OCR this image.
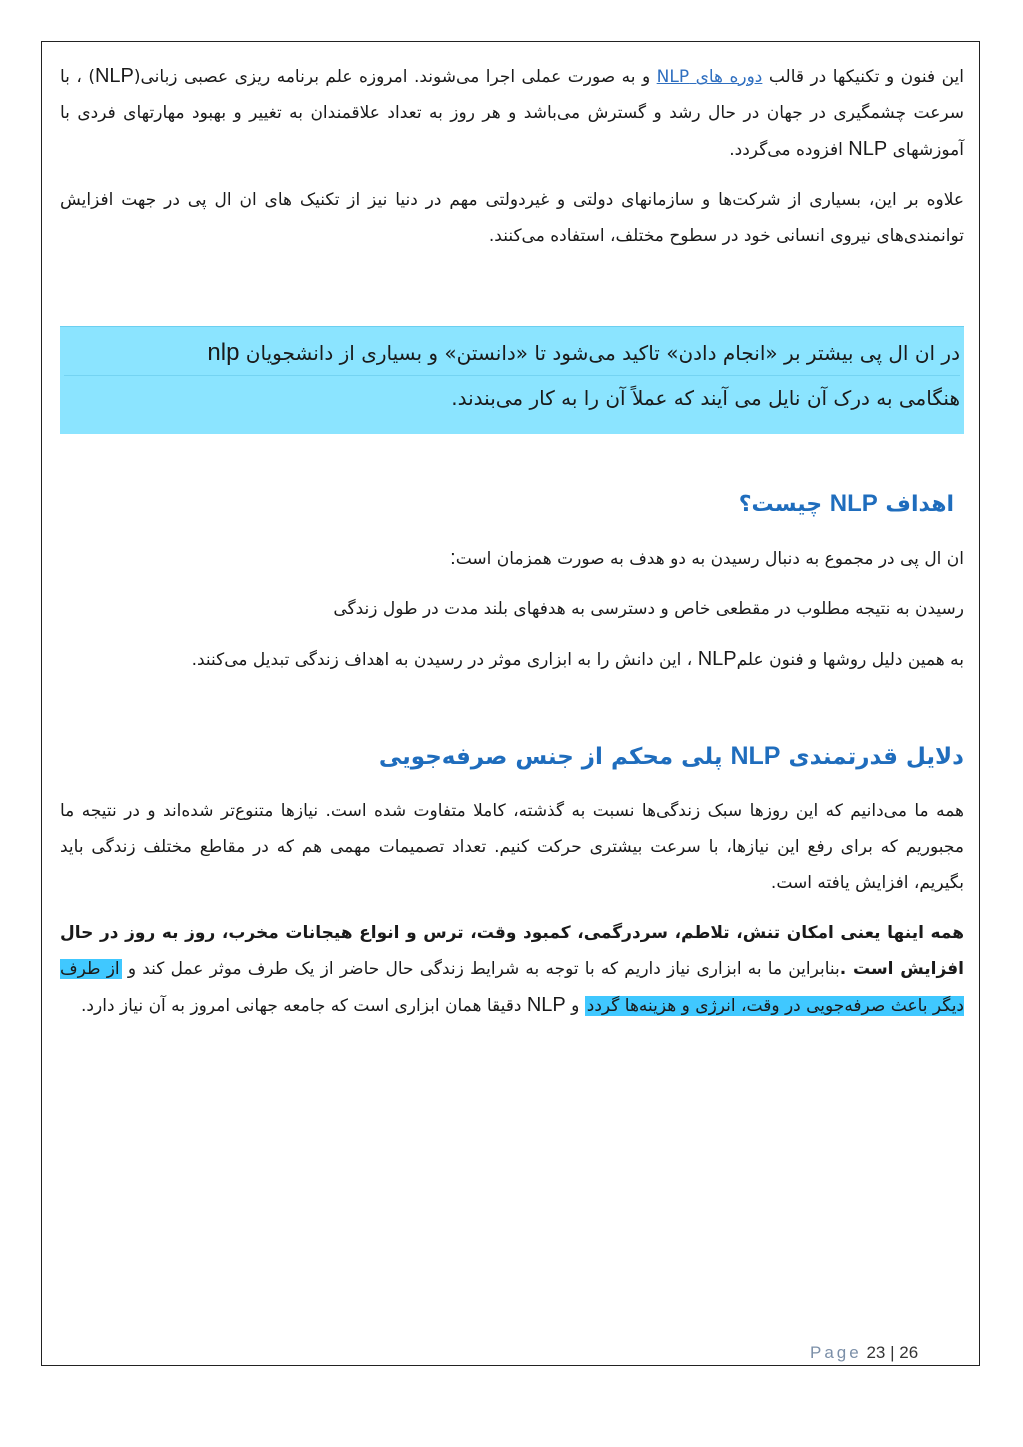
این فنون و تکنیکها در قالب دوره های NLP و به صورت عملی اجرا می‌شوند. امروزه علم برنامه ریزی عصبی زبانی(NLP) ، با سرعت چشمگیری در جهان در حال رشد و گسترش می‌باشد و هر روز به تعداد علاقمندان به تغییر و بهبود مهارتهای فردی با آموزشهای NLP افزوده می‌گردد.

علاوه بر این، بسیاری از شرکت‌ها و سازمانهای دولتی و غیردولتی مهم در دنیا نیز از تکنیک های ان ال پی در جهت افزایش توانمندی‌های نیروی انسانی خود در سطوح مختلف، استفاده می‌کنند.

در ان ال پی بیشتر بر «انجام دادن» تاکید می‌شود تا «دانستن» و بسیاری از دانشجویان nlp

هنگامی به درک آن نایل می آیند که عملاً آن را به کار می‌بندند.

اهداف NLP چیست؟

ان ال پی در مجموع به دنبال رسیدن به دو هدف به صورت همزمان است:

رسیدن به نتیجه مطلوب در مقطعی خاص و دسترسی به هدفهای بلند مدت در طول زندگی

به همین دلیل روشها و فنون علمNLP ، این دانش را به ابزاری موثر در رسیدن به اهداف زندگی تبدیل می‌کنند.

دلایل قدرتمندی NLP پلی محکم از جنس صرفه‌جویی

همه ما می‌دانیم که این روزها سبک زندگی‌ها نسبت به گذشته، کاملا متفاوت شده است. نیازها متنوع‌تر شده‌اند و در نتیجه ما مجبوریم که برای رفع این نیازها، با سرعت بیشتری حرکت کنیم. تعداد تصمیمات مهمی هم که در مقاطع مختلف زندگی باید بگیریم، افزایش یافته است.

همه اینها یعنی امکان تنش، تلاطم، سردرگمی، کمبود وقت، ترس و انواع هیجانات مخرب، روز به روز در حال افزایش است .بنابراین ما به ابزاری نیاز داریم که با توجه به شرایط زندگی حال حاضر از یک طرف موثر عمل کند و از طرف دیگر باعث صرفه‌جویی در وقت، انرژی و هزینه‌ها گردد و NLP دقیقا همان ابزاری است که جامعه جهانی امروز به آن نیاز دارد.

Page 23 | 26
